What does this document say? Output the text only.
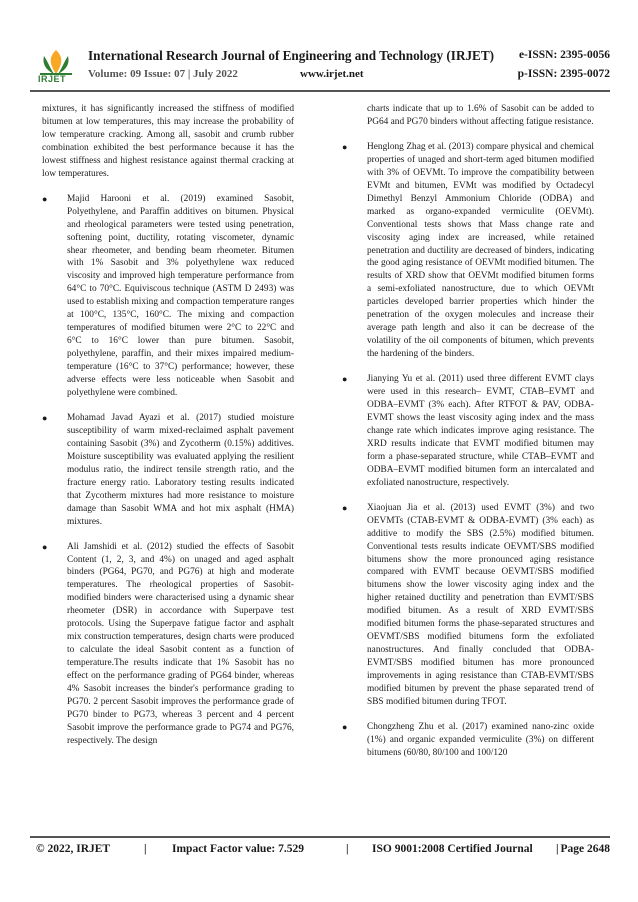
IRJET
International Research Journal of Engineering and Technology (IRJET) e-ISSN: 2395-0056
Volume: 09 Issue: 07 | July 2022	www.irjet.net	p-ISSN: 2395-0072

mixtures, it has significantly increased the stiffness of modified bitumen at low temperatures, this may increase the probability of low temperature cracking. Among all, sasobit and crumb rubber combination exhibited the best performance because it has the lowest stiffness and highest resistance against thermal cracking at low temperatures.

● Majid Harooni et al. (2019) examined Sasobit, Polyethylene, and Paraffin additives on bitumen. Physical and rheological parameters were tested using penetration, softening point, ductility, rotating viscometer, dynamic shear rheometer, and bending beam rheometer. Bitumen with 1% Sasobit and 3% polyethylene wax reduced viscosity and improved high temperature performance from 64°C to 70°C. Equiviscous technique (ASTM D 2493) was used to establish mixing and compaction temperature ranges at 100°C, 135°C, 160°C. The mixing and compaction temperatures of modified bitumen were 2°C to 22°C and 6°C to 16°C lower than pure bitumen. Sasobit, polyethylene, paraffin, and their mixes impaired medium-temperature (16°C to 37°C) performance; however, these adverse effects were less noticeable when Sasobit and polyethylene were combined.
● Mohamad Javad Ayazi et al. (2017) studied moisture susceptibility of warm mixed-reclaimed asphalt pavement containing Sasobit (3%) and Zycotherm (0.15%) additives. Moisture susceptibility was evaluated applying the resilient modulus ratio, the indirect tensile strength ratio, and the fracture energy ratio. Laboratory testing results indicated that Zycotherm mixtures had more resistance to moisture damage than Sasobit WMA and hot mix asphalt (HMA) mixtures.
● Ali Jamshidi et al. (2012) studied the effects of Sasobit Content (1, 2, 3, and 4%) on unaged and aged asphalt binders (PG64, PG70, and PG76) at high and moderate temperatures. The rheological properties of Sasobit-modified binders were characterised using a dynamic shear rheometer (DSR) in accordance with Superpave test protocols. Using the Superpave fatigue factor and asphalt mix construction temperatures, design charts were produced to calculate the ideal Sasobit content as a function of temperature.The results indicate that 1% Sasobit has no effect on the performance grading of PG64 binder, whereas 4% Sasobit increases the binder's performance grading to PG70. 2 percent Sasobit improves the performance grade of PG70 binder to PG73, whereas 3 percent and 4 percent Sasobit improve the performance grade to PG74 and PG76, respectively. The design

charts indicate that up to 1.6% of Sasobit can be added to PG64 and PG70 binders without affecting fatigue resistance.

● Henglong Zhag et al. (2013) compare physical and chemical properties of unaged and short-term aged bitumen modified with 3% of OEVMt. To improve the compatibility between EVMt and bitumen, EVMt was modified by Octadecyl Dimethyl Benzyl Ammonium Chloride (ODBA) and marked as organo-expanded vermiculite (OEVMt). Conventional tests shows that Mass change rate and viscosity aging index are increased, while retained penetration and ductility are decreased of binders, indicating the good aging resistance of OEVMt modified bitumen. The results of XRD show that OEVMt modified bitumen forms a semi-exfoliated nanostructure, due to which OEVMt particles developed barrier properties which hinder the penetration of the oxygen molecules and increase their average path length and also it can be decrease of the volatility of the oil components of bitumen, which prevents the hardening of the binders.
● Jianying Yu et al. (2011) used three different EVMT clays were used in this research– EVMT, CTAB–EVMT and ODBA–EVMT (3% each). After RTFOT & PAV, ODBA-EVMT shows the least viscosity aging index and the mass change rate which indicates improve aging resistance. The XRD results indicate that EVMT modified bitumen may form a phase-separated structure, while CTAB–EVMT and ODBA–EVMT modified bitumen form an intercalated and exfoliated nanostructure, respectively.
● Xiaojuan Jia et al. (2013) used EVMT (3%) and two OEVMTs (CTAB-EVMT & ODBA-EVMT) (3% each) as additive to modify the SBS (2.5%) modified bitumen. Conventional tests results indicate OEVMT/SBS modified bitumens show the more pronounced aging resistance compared with EVMT because OEVMT/SBS modified bitumens show the lower viscosity aging index and the higher retained ductility and penetration than EVMT/SBS modified bitumen. As a result of XRD EVMT/SBS modified bitumen forms the phase-separated structures and OEVMT/SBS modified bitumens form the exfoliated nanostructures. And finally concluded that ODBA-EVMT/SBS modified bitumen has more pronounced improvements in aging resistance than CTAB-EVMT/SBS modified bitumen by prevent the phase separated trend of SBS modified bitumen during TFOT.
● Chongzheng Zhu et al. (2017) examined nano-zinc oxide (1%) and organic expanded vermiculite (3%) on different bitumens (60/80, 80/100 and 100/120
© 2022, IRJET	| Impact Factor value: 7.529	| ISO 9001:2008 Certified Journal | Page 2648
